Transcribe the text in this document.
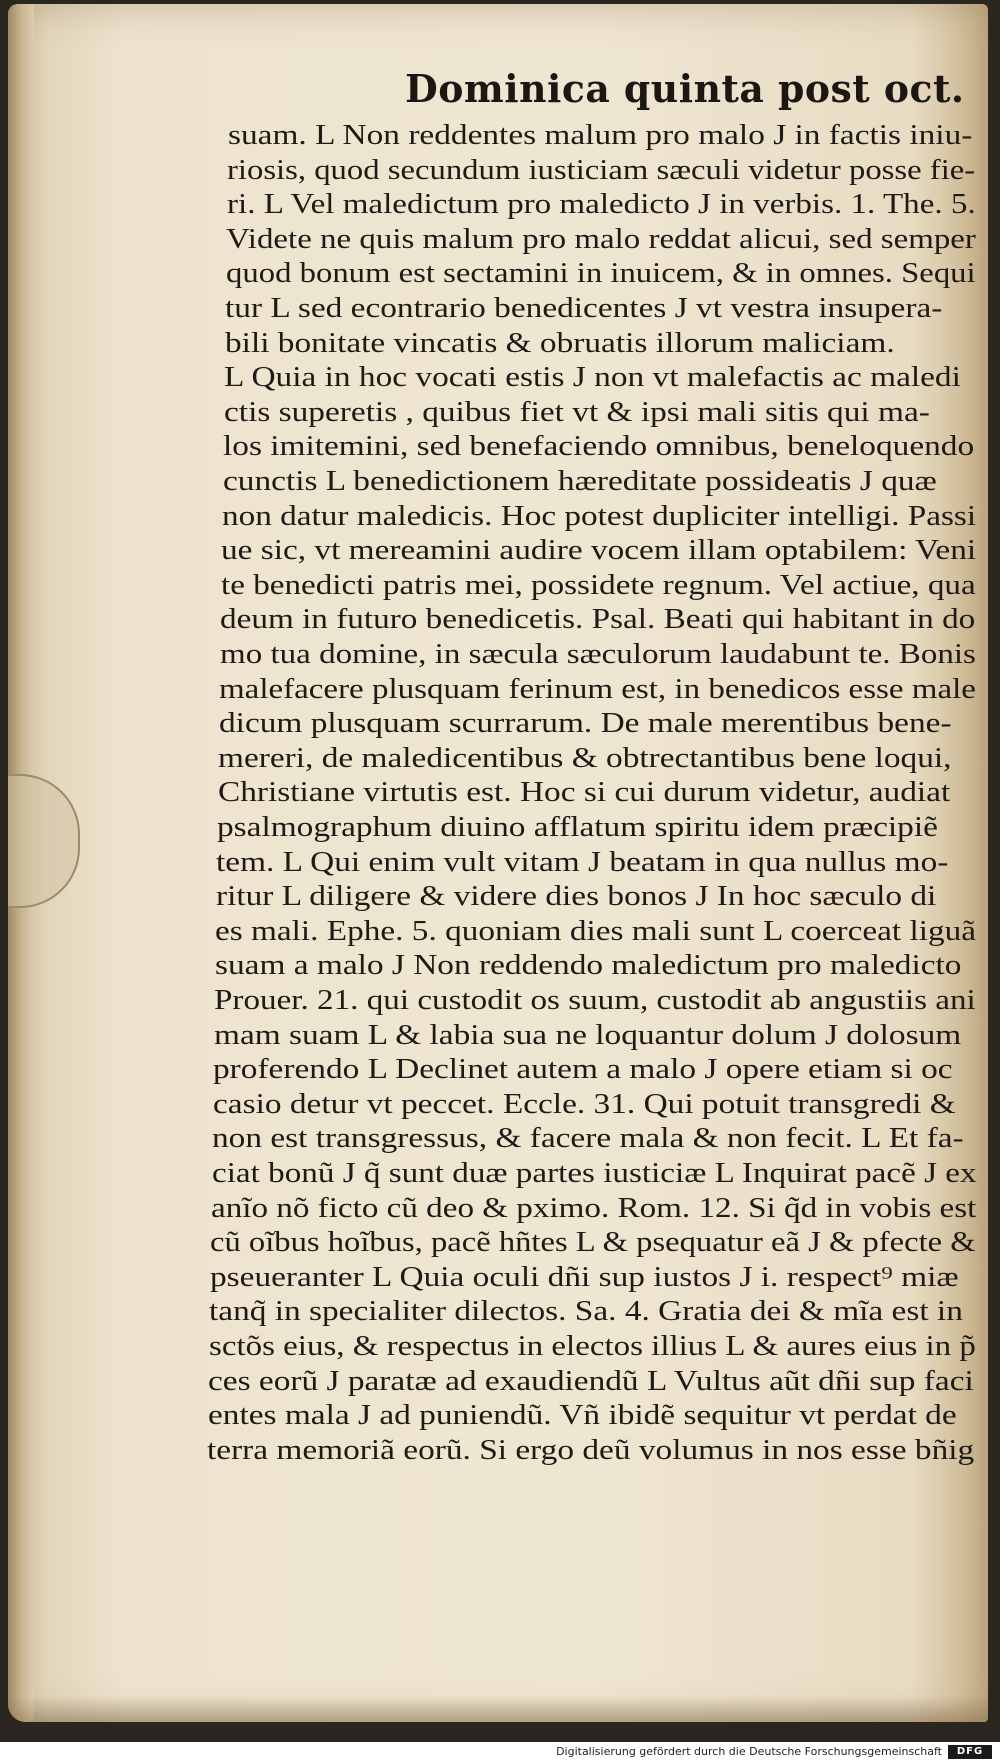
Dominica quinta post oct.
suam. L Non reddentes malum pro malo J in factis iniu-
riosis, quod secundum iusticiam sæculi videtur posse fie-
ri. L Vel maledictum pro maledicto J in verbis. 1. The. 5.
Videte ne quis malum pro malo reddat alicui, sed semper
quod bonum est sectamini in inuicem, & in omnes. Sequi
tur L sed econtrario benedicentes J vt vestra insupera-
bili bonitate vincatis & obruatis illorum maliciam.
L Quia in hoc vocati estis J non vt malefactis ac maledi
ctis superetis , quibus fiet vt & ipsi mali sitis qui ma-
los imitemini, sed benefaciendo omnibus, beneloquendo
cunctis L benedictionem hæreditate possideatis J quæ
non datur maledicis. Hoc potest dupliciter intelligi. Passi
ue sic, vt mereamini audire vocem illam optabilem: Veni
te benedicti patris mei, possidete regnum. Vel actiue, qua
deum in futuro benedicetis. Psal. Beati qui habitant in do
mo tua domine, in sæcula sæculorum laudabunt te. Bonis
malefacere plusquam ferinum est, in benedicos esse male
dicum plusquam scurrarum. De male merentibus bene-
mereri, de maledicentibus & obtrectantibus bene loqui,
Christiane virtutis est. Hoc si cui durum videtur, audiat
psalmographum diuino afflatum spiritu idem præcipiẽ
tem. L Qui enim vult vitam J beatam in qua nullus mo-
ritur L diligere & videre dies bonos J In hoc sæculo di
es mali. Ephe. 5. quoniam dies mali sunt L coerceat liguã
suam a malo J Non reddendo maledictum pro maledicto
Prouer. 21. qui custodit os suum, custodit ab angustiis ani
mam suam L & labia sua ne loquantur dolum J dolosum
proferendo L Declinet autem a malo J opere etiam si oc
casio detur vt peccet. Eccle. 31. Qui potuit transgredi &
non est transgressus, & facere mala & non fecit. L Et fa-
ciat bonũ J q̃ sunt duæ partes iusticiæ L Inquirat pacẽ J ex
anĩo nõ ficto cũ deo & pximo. Rom. 12. Si q̃d in vobis est
cũ oĩbus hoĩbus, pacẽ hñtes L & psequatur eã J & pfecte &
pseueranter L Quia oculi dñi sup iustos J i. respect⁹ miæ
tanq̃ in specialiter dilectos. Sa. 4. Gratia dei & mĩa est in
sctõs eius, & respectus in electos illius L & aures eius in p̃
ces eorũ J paratæ ad exaudiendũ L Vultus aũt dñi sup faci
entes mala J ad puniendũ. Vñ ibidẽ sequitur vt perdat de
terra memoriã eorũ. Si ergo deũ volumus in nos esse bñig
Digitalisierung gefördert durch die Deutsche Forschungsgemeinschaft	DFG
